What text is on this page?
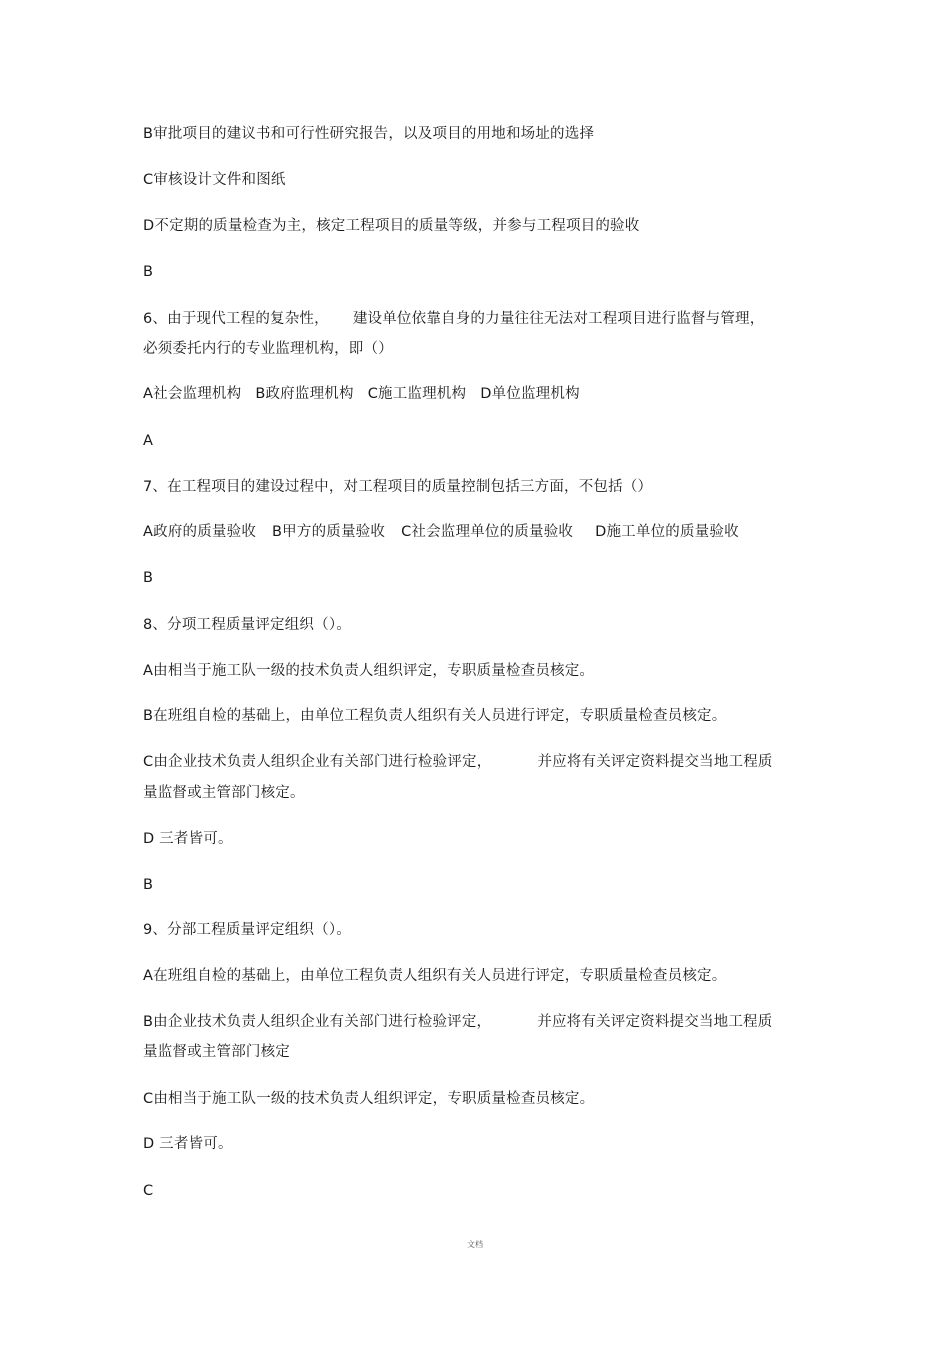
B审批项目的建议书和可行性研究报告，以及项目的用地和场址的选择
C审核设计文件和图纸
D不定期的质量检查为主，核定工程项目的质量等级，并参与工程项目的验收
B
6、由于现代工程的复杂性， 建设单位依靠自身的力量往往无法对工程项目进行监督与管理，
必须委托内行的专业监理机构，即（）
A社会监理机构 B政府监理机构 C施工监理机构 D单位监理机构
A
7、在工程项目的建设过程中，对工程项目的质量控制包括三方面，不包括（）
A政府的质量验收 B甲方的质量验收 C社会监理单位的质量验收 D施工单位的质量验收
B
8、分项工程质量评定组织（）。
A由相当于施工队一级的技术负责人组织评定，专职质量检查员核定。
B在班组自检的基础上，由单位工程负责人组织有关人员进行评定，专职质量检查员核定。
C由企业技术负责人组织企业有关部门进行检验评定，	并应将有关评定资料提交当地工程质
量监督或主管部门核定。
D 三者皆可。
B
9、分部工程质量评定组织（）。
A在班组自检的基础上，由单位工程负责人组织有关人员进行评定，专职质量检查员核定。
B由企业技术负责人组织企业有关部门进行检验评定，	并应将有关评定资料提交当地工程质
量监督或主管部门核定
C由相当于施工队一级的技术负责人组织评定，专职质量检查员核定。
D 三者皆可。
C
文档
